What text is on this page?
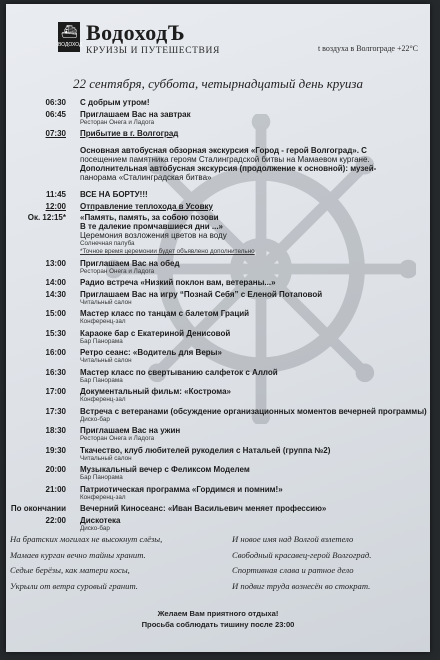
⛴
ВОДОХОД ВодоходЪ
КРУИЗЫ И ПУТЕШЕСТВИЯ	t воздуха в Волгограде +22°C
22 сентября, суббота, четырнадцатый день круиза
06:30 С добрым утром!
06:45 Приглашаем Вас на завтрак
Ресторан Онега и Ладога
07:30 Прибытие в г. Волгоград
Основная автобусная обзорная экскурсия «Город - герой Волгоград». С
посещением памятника героям Сталинградской битвы на Мамаевом кургане.
Дополнительная автобусная экскурсия (продолжение к основной): музей-
панорама «Сталинградская битва»
11:45 ВСЕ НА БОРТУ!!!
12:00 Отправление теплохода в Усовку
Ок. 12:15* «Память, память, за собою позови
В те далекие промчавшиеся дни ...»
Церемония возложения цветов на воду
Солнечная палуба
*Точное время церемонии будет объявлено дополнительно
13:00 Приглашаем Вас на обед
Ресторан Онега и Ладога
14:00 Радио встреча «Низкий поклон вам, ветераны...»
14:30 Приглашаем Вас на игру “Познай Себя” с Еленой Потаповой
Читальный салон
15:00 Мастер класс по танцам с балетом Граций
Конференц-зал
15:30 Караоке бар с Екатериной Денисовой
Бар Панорама
16:00 Ретро сеанс: «Водитель для Веры»
Читальный салон
16:30 Мастер класс по свертыванию салфеток с Аллой
Бар Панорама
17:00 Документальный фильм: «Кострома»
Конференц-зал
17:30 Встреча с ветеранами (обсуждение организационных моментов вечерней программы)
Диско-бар
18:30 Приглашаем Вас на ужин
Ресторан Онега и Ладога
19:30 Ткачество, клуб любителей рукоделия с Натальей (группа №2)
Читальный салон
20:00 Музыкальный вечер с Феликсом Моделем
Бар Панорама
21:00 Патриотическая программа «Гордимся и помним!»
Конференц-зал
По окончании Вечерний Киносеанс: «Иван Васильевич меняет профессию»
22:00 Дискотека
Диско-бар
На братских могилах не высокнут слёзы,
Мамаев курган вечно тайны хранит.
Седые берёзы, как матери косы,
Укрыли от ветра суровый гранит.
И новое имя над Волгой взлетело
Свободный красавец-герой Волгоград.
Спортивная слава и ратное дело
И подвиг труда вознесён во стократ.
Желаем Вам приятного отдыха!
Просьба соблюдать тишину после 23:00
